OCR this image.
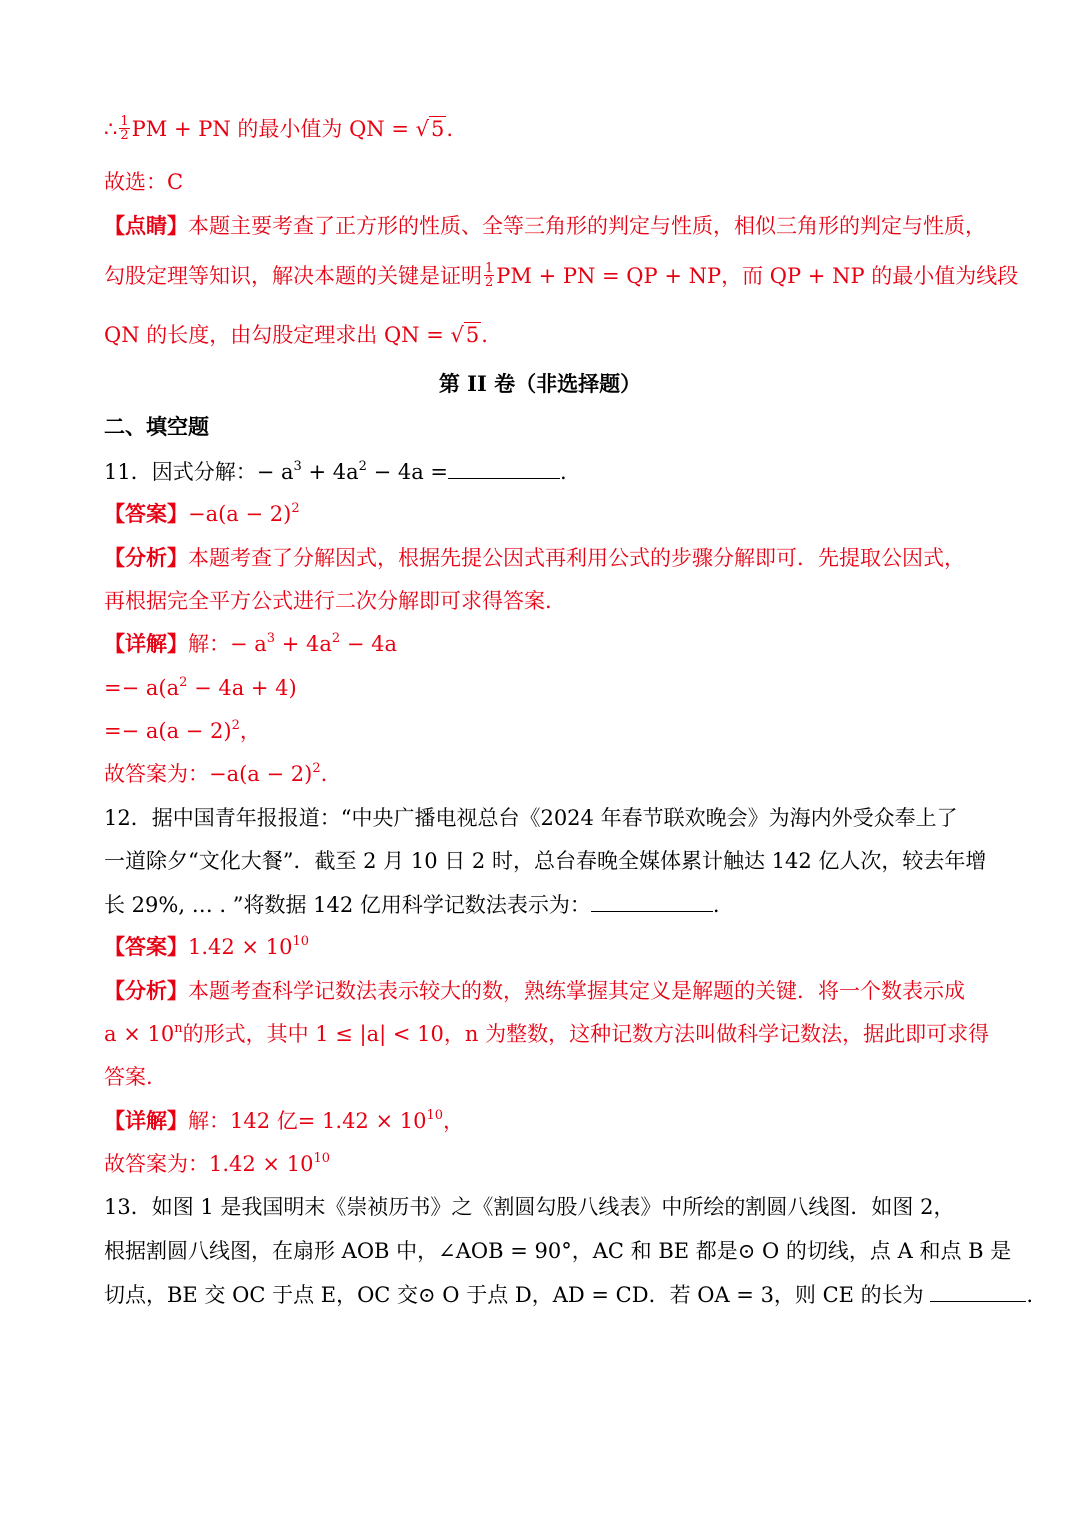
∴ $\frac{1}{2}$ PM + PN 的最小值为 QN = √5.
故选：C
【点睛】本题主要考查了正方形的性质、全等三角形的判定与性质，相似三角形的判定与性质，
勾股定理等知识，解决本题的关键是证明 $\frac{1}{2}$ PM + PN = QP + NP，而 QP + NP 的最小值为线段
QN 的长度，由勾股定理求出 QN = √5.
第 II 卷（非选择题）
二、填空题
11．因式分解：− $a^3 + 4a^2 - 4a$ =	.
【答案】$-a(a - 2)^2$
【分析】本题考查了分解因式，根据先提公因式再利用公式的步骤分解即可．先提取公因式，
再根据完全平方公式进行二次分解即可求得答案.
【详解】解：− $a^3 + 4a^2 - 4a$
=− $a(a^2 - 4a + 4)$
=− $a(a - 2)^2$，
故答案为：$-a(a - 2)^2$.
12．据中国青年报报道：“中央广播电视总台《2024 年春节联欢晚会》为海内外受众奉上了
一道除夕“文化大餐”．截至 2 月 10 日 2 时，总台春晚全媒体累计触达 142 亿人次，较去年增
长 29%, … . ”将数据 142 亿用科学记数法表示为：	.
【答案】$1.42 \times 10^{10}$
【分析】本题考查科学记数法表示较大的数，熟练掌握其定义是解题的关键．将一个数表示成
$a \times 10^n$的形式，其中 1 ≤ |a| < 10，n 为整数，这种记数方法叫做科学记数法，据此即可求得
答案.
【详解】解：142 亿= $1.42 \times 10^{10}$，
故答案为：$1.42 \times 10^{10}$
13．如图 1 是我国明末《崇祯历书》之《割圆勾股八线表》中所绘的割圆八线图．如图 2，
根据割圆八线图，在扇形 AOB 中，∠AOB = 90°，AC 和 BE 都是⊙ O 的切线，点 A 和点 B 是
切点，BE 交 OC 于点 E，OC 交⊙ O 于点 D，AD = CD．若 OA = 3，则 CE 的长为	.
